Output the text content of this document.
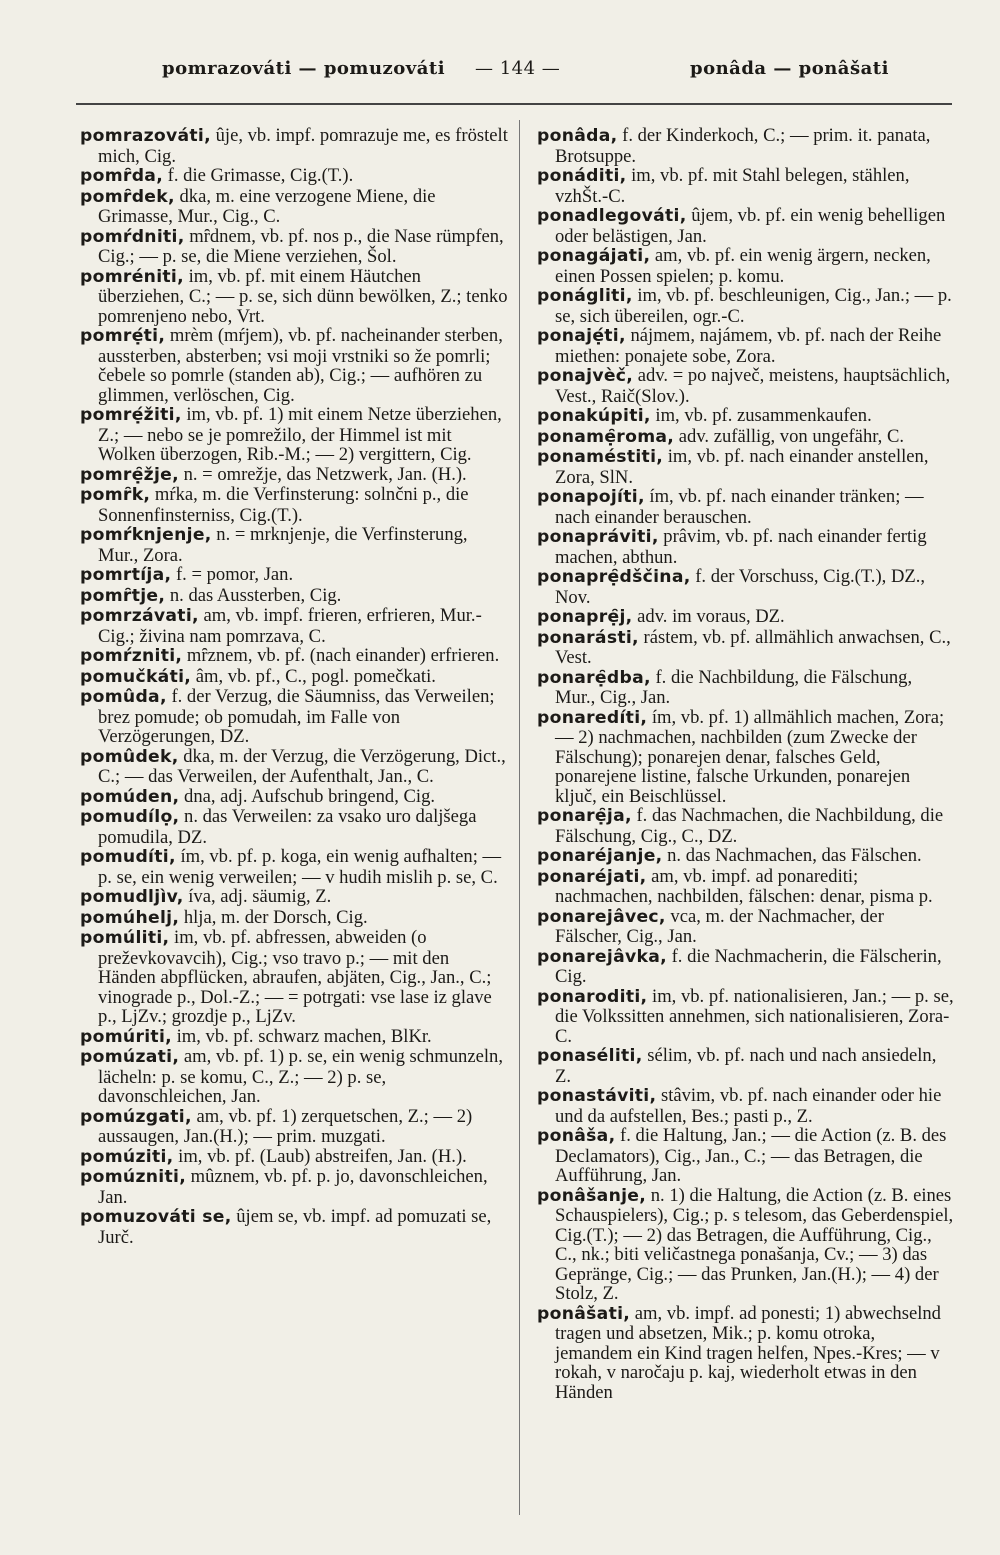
pomrazováti — pomuzováti — 144 —	ponâda — ponâšati

pomrazováti, ûje, vb. impf. pomrazuje me, es fröstelt mich, Cig.

pomȓda, f. die Grimasse, Cig.(T.).

pomȓdek, dka, m. eine verzogene Miene, die Grimasse, Mur., Cig., C.

pomŕdniti, mȓdnem, vb. pf. nos p., die Nase rümpfen, Cig.; — p. se, die Miene verziehen, Šol.

pomréniti, im, vb. pf. mit einem Häutchen überziehen, C.; — p. se, sich dünn bewölken, Z.; tenko pomrenjeno nebo, Vrt.

pomrẹ́ti, mrèm (mŕjem), vb. pf. nacheinander sterben, aussterben, absterben; vsi moji vrstniki so že pomrli; čebele so pomrle (standen ab), Cig.; — aufhören zu glimmen, verlöschen, Cig.

pomrẹ́žiti, im, vb. pf. 1) mit einem Netze überziehen, Z.; — nebo se je pomrežilo, der Himmel ist mit Wolken überzogen, Rib.-M.; — 2) vergittern, Cig.

pomrẹ̑žje, n. = omrežje, das Netzwerk, Jan. (H.).

pomȓk, mŕka, m. die Verfinsterung: solnčni p., die Sonnenfinsterniss, Cig.(T.).

pomŕknjenje, n. = mrknjenje, die Verfinsterung, Mur., Zora.

pomrtíja, f. = pomor, Jan.

pomȓtje, n. das Aussterben, Cig.

pomrzávati, am, vb. impf. frieren, erfrieren, Mur.-Cig.; živina nam pomrzava, C.

pomŕzniti, mȓznem, vb. pf. (nach einander) erfrieren.

pomučkáti, âm, vb. pf., C., pogl. pomečkati.

pomûda, f. der Verzug, die Säumniss, das Verweilen; brez pomude; ob pomudah, im Falle von Verzögerungen, DZ.

pomûdek, dka, m. der Verzug, die Verzögerung, Dict., C.; — das Verweilen, der Aufenthalt, Jan., C.

pomúden, dna, adj. Aufschub bringend, Cig.

pomudílọ, n. das Verweilen: za vsako uro daljšega pomudila, DZ.

pomudíti, ím, vb. pf. p. koga, ein wenig aufhalten; — p. se, ein wenig verweilen; — v hudih mislih p. se, C.

pomudljìv, íva, adj. säumig, Z.

pomúhelj, hlja, m. der Dorsch, Cig.

pomúliti, im, vb. pf. abfressen, abweiden (o preževkovavcih), Cig.; vso travo p.; — mit den Händen abpflücken, abraufen, abjäten, Cig., Jan., C.; vinograde p., Dol.-Z.; — = potrgati: vse lase iz glave p., LjZv.; grozdje p., LjZv.

pomúriti, im, vb. pf. schwarz machen, BlKr.

pomúzati, am, vb. pf. 1) p. se, ein wenig schmunzeln, lächeln: p. se komu, C., Z.; — 2) p. se, davonschleichen, Jan.

pomúzgati, am, vb. pf. 1) zerquetschen, Z.; — 2) aussaugen, Jan.(H.); — prim. muzgati.

pomúziti, im, vb. pf. (Laub) abstreifen, Jan. (H.).

pomúzniti, mûznem, vb. pf. p. jo, davonschleichen, Jan.

pomuzováti se, ûjem se, vb. impf. ad pomuzati se, Jurč.

ponâda, f. der Kinderkoch, C.; — prim. it. panata, Brotsuppe.

ponáditi, im, vb. pf. mit Stahl belegen, stählen, vzhŠt.-C.

ponadlegováti, ûjem, vb. pf. ein wenig behelligen oder belästigen, Jan.

ponagájati, am, vb. pf. ein wenig ärgern, necken, einen Possen spielen; p. komu.

ponágliti, im, vb. pf. beschleunigen, Cig., Jan.; — p. se, sich übereilen, ogr.-C.

ponajẹ́ti, nájmem, najámem, vb. pf. nach der Reihe miethen: ponajete sobe, Zora.

ponajvèč, adv. = po največ, meistens, hauptsächlich, Vest., Raič(Slov.).

ponakúpiti, im, vb. pf. zusammenkaufen.

ponamẹ̑roma, adv. zufällig, von ungefähr, C.

ponaméstiti, im, vb. pf. nach einander anstellen, Zora, SlN.

ponapojíti, ím, vb. pf. nach einander tränken; — nach einander berauschen.

ponapráviti, prâvim, vb. pf. nach einander fertig machen, abthun.

ponaprẹ̑dščina, f. der Vorschuss, Cig.(T.), DZ., Nov.

ponaprẹ̑j, adv. im voraus, DZ.

ponarásti, rástem, vb. pf. allmählich anwachsen, C., Vest.

ponarẹ̑dba, f. die Nachbildung, die Fälschung, Mur., Cig., Jan.

ponaredíti, ím, vb. pf. 1) allmählich machen, Zora; — 2) nachmachen, nachbilden (zum Zwecke der Fälschung); ponarejen denar, falsches Geld, ponarejene listine, falsche Urkunden, ponarejen ključ, ein Beischlüssel.

ponarẹ̑ja, f. das Nachmachen, die Nachbildung, die Fälschung, Cig., C., DZ.

ponaréjanje, n. das Nachmachen, das Fälschen.

ponaréjati, am, vb. impf. ad ponarediti; nachmachen, nachbilden, fälschen: denar, pisma p.

ponarejâvec, vca, m. der Nachmacher, der Fälscher, Cig., Jan.

ponarejâvka, f. die Nachmacherin, die Fälscherin, Cig.

ponaroditi, im, vb. pf. nationalisieren, Jan.; — p. se, die Volkssitten annehmen, sich nationalisieren, Zora-C.

ponaséliti, sélim, vb. pf. nach und nach ansiedeln, Z.

ponastáviti, stâvim, vb. pf. nach einander oder hie und da aufstellen, Bes.; pasti p., Z.

ponâša, f. die Haltung, Jan.; — die Action (z. B. des Declamators), Cig., Jan., C.; — das Betragen, die Aufführung, Jan.

ponâšanje, n. 1) die Haltung, die Action (z. B. eines Schauspielers), Cig.; p. s telesom, das Geberdenspiel, Cig.(T.); — 2) das Betragen, die Aufführung, Cig., C., nk.; biti veličastnega ponašanja, Cv.; — 3) das Gepränge, Cig.; — das Prunken, Jan.(H.); — 4) der Stolz, Z.

ponâšati, am, vb. impf. ad ponesti; 1) abwechselnd tragen und absetzen, Mik.; p. komu otroka, jemandem ein Kind tragen helfen, Npes.-Kres; — v rokah, v naročaju p. kaj, wiederholt etwas in den Händen
